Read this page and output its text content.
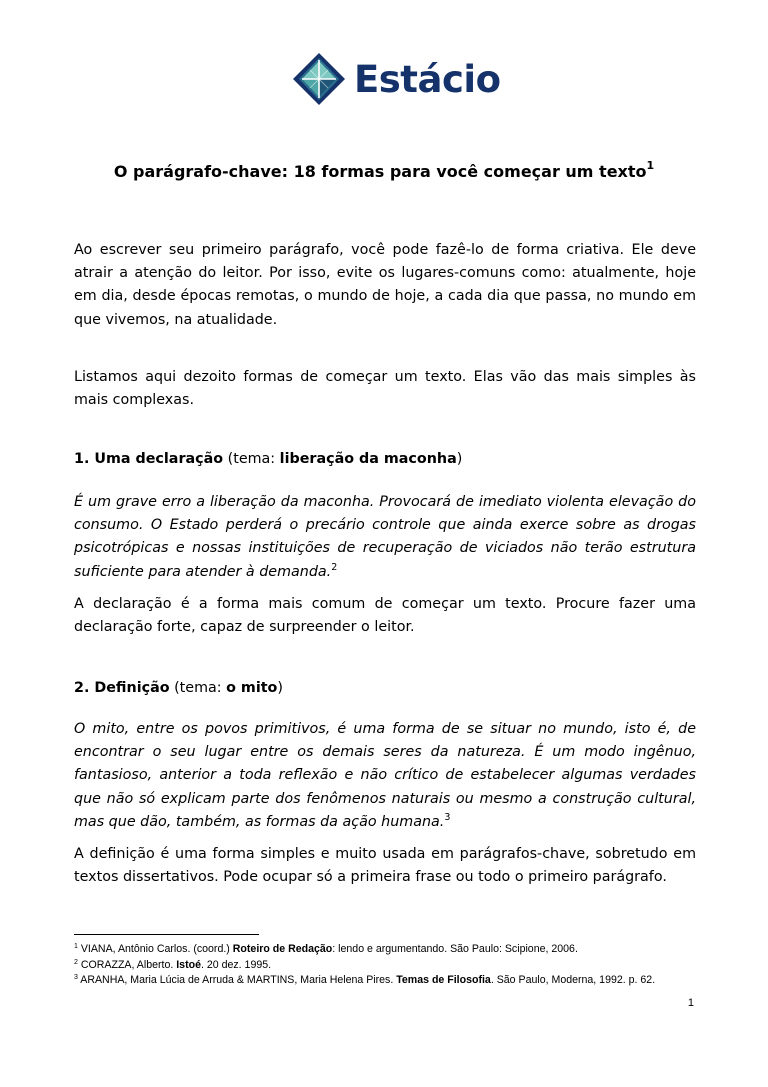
Estácio
O parágrafo-chave: 18 formas para você começar um texto$^1$

Ao escrever seu primeiro parágrafo, você pode fazê-lo de forma criativa. Ele deve atrair a atenção do leitor. Por isso, evite os lugares-comuns como: atualmente, hoje em dia, desde épocas remotas, o mundo de hoje, a cada dia que passa, no mundo em que vivemos, na atualidade.

Listamos aqui dezoito formas de começar um texto. Elas vão das mais simples às mais complexas.

1. Uma declaração (tema: liberação da maconha)

É um grave erro a liberação da maconha. Provocará de imediato violenta elevação do consumo. O Estado perderá o precário controle que ainda exerce sobre as drogas psicotrópicas e nossas instituições de recuperação de viciados não terão estrutura suficiente para atender à demanda.$^2$

A declaração é a forma mais comum de começar um texto. Procure fazer uma declaração forte, capaz de surpreender o leitor.

2. Definição (tema: o mito)

O mito, entre os povos primitivos, é uma forma de se situar no mundo, isto é, de encontrar o seu lugar entre os demais seres da natureza. É um modo ingênuo, fantasioso, anterior a toda reflexão e não crítico de estabelecer algumas verdades que não só explicam parte dos fenômenos naturais ou mesmo a construção cultural, mas que dão, também, as formas da ação humana.$^3$

A definição é uma forma simples e muito usada em parágrafos-chave, sobretudo em textos dissertativos. Pode ocupar só a primeira frase ou todo o primeiro parágrafo.

$^1$ VIANA, Antônio Carlos. (coord.) Roteiro de Redação: lendo e argumentando. São Paulo: Scipione, 2006.

$^2$ CORAZZA, Alberto. Istoé. 20 dez. 1995.

$^3$ ARANHA, Maria Lúcia de Arruda & MARTINS, Maria Helena Pires. Temas de Filosofia. São Paulo, Moderna, 1992. p. 62.

1
